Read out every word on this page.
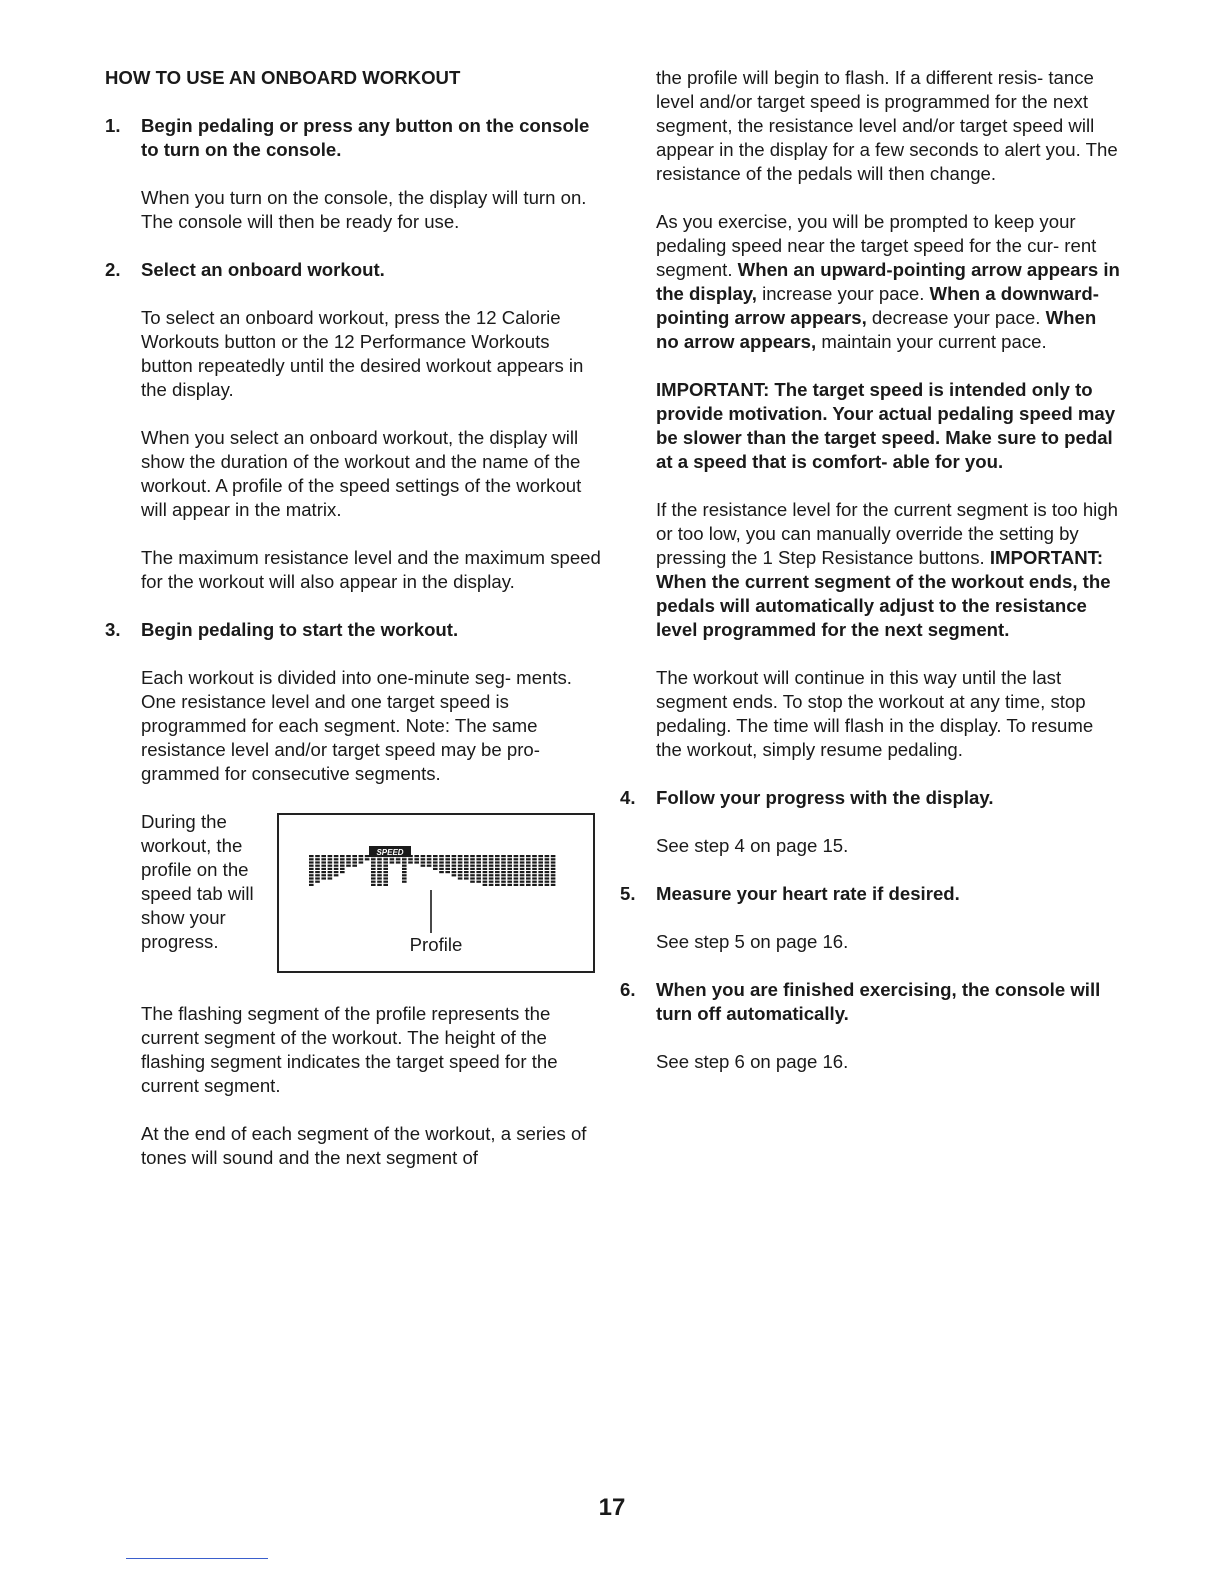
HOW TO USE AN ONBOARD WORKOUT
1. Begin pedaling or press any button on the console to turn on the console.

When you turn on the console, the display will turn on. The console will then be ready for use.

2. Select an onboard workout.

To select an onboard workout, press the 12 Calorie Workouts button or the 12 Performance Workouts button repeatedly until the desired workout appears in the display.

When you select an onboard workout, the display will show the duration of the workout and the name of the workout. A profile of the speed settings of the workout will appear in the matrix.

The maximum resistance level and the maximum speed for the workout will also appear in the display.

3. Begin pedaling to start the workout.

Each workout is divided into one-minute seg- ments. One resistance level and one target speed is programmed for each segment. Note: The same resistance level and/or target speed may be pro- grammed for consecutive segments.

During the workout, the profile on the speed tab will show your progress.
SPEED
Profile

The flashing segment of the profile represents the current segment of the workout. The height of the flashing segment indicates the target speed for the current segment.

At the end of each segment of the workout, a series of tones will sound and the next segment of

the profile will begin to flash. If a different resis- tance level and/or target speed is programmed for the next segment, the resistance level and/or target speed will appear in the display for a few seconds to alert you. The resistance of the pedals will then change.

As you exercise, you will be prompted to keep your pedaling speed near the target speed for the cur- rent segment. When an upward-pointing arrow appears in the display, increase your pace. When a downward-pointing arrow appears, decrease your pace. When no arrow appears, maintain your current pace.

IMPORTANT: The target speed is intended only to provide motivation. Your actual pedaling speed may be slower than the target speed. Make sure to pedal at a speed that is comfort- able for you.

If the resistance level for the current segment is too high or too low, you can manually override the setting by pressing the 1 Step Resistance buttons. IMPORTANT: When the current segment of the workout ends, the pedals will automatically adjust to the resistance level programmed for the next segment.

The workout will continue in this way until the last segment ends. To stop the workout at any time, stop pedaling. The time will flash in the display. To resume the workout, simply resume pedaling.

4. Follow your progress with the display.

See step 4 on page 15.

5. Measure your heart rate if desired.

See step 5 on page 16.

6. When you are finished exercising, the console will turn off automatically.

See step 6 on page 16.

17
